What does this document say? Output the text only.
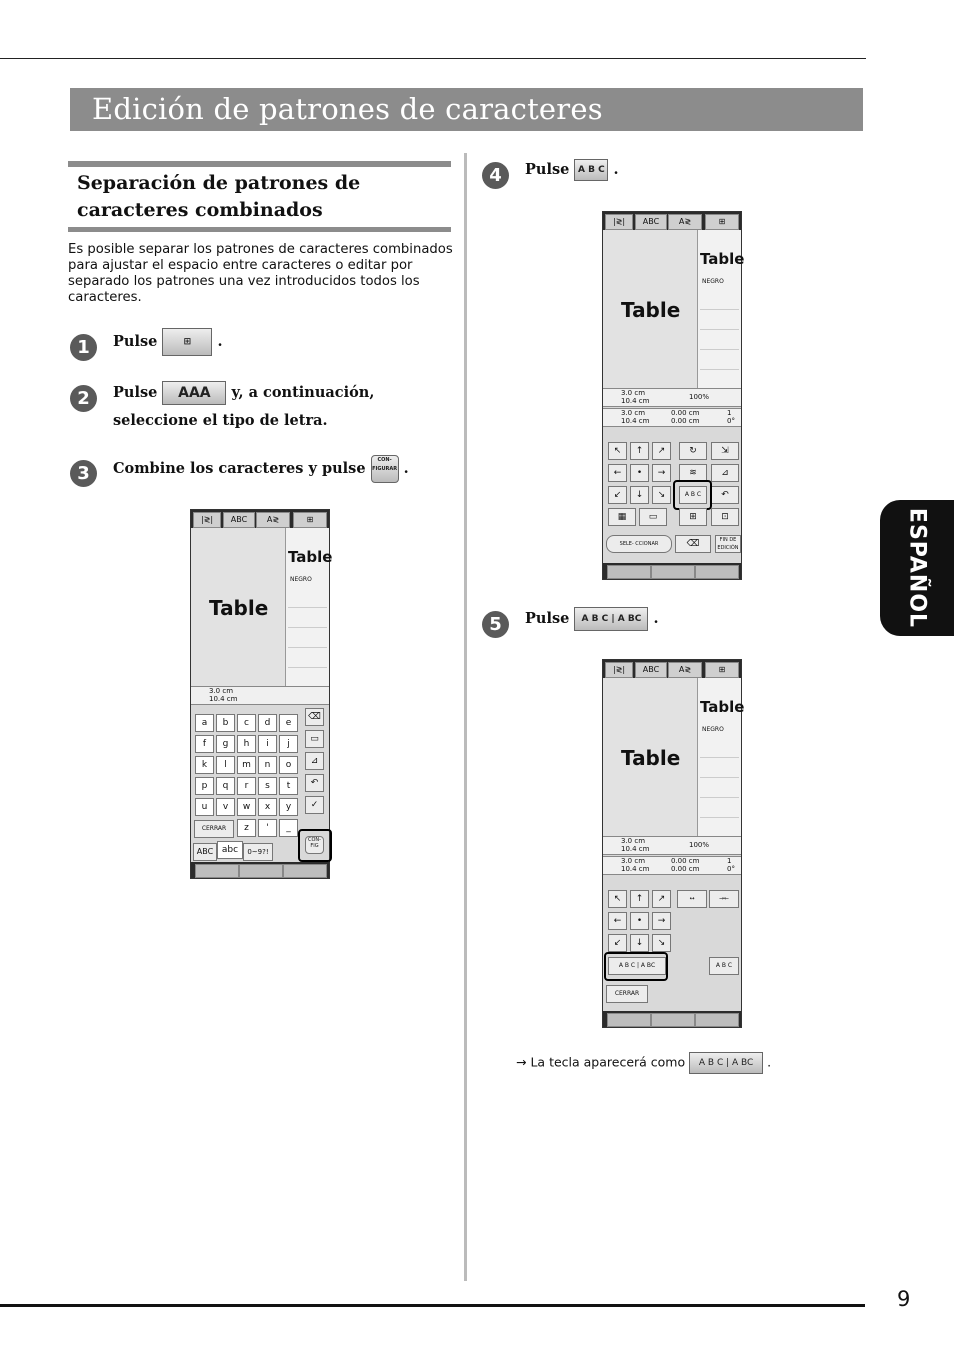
Edición de patrones de caracteres
Separación de patrones de caracteres combinados
Es posible separar los patrones de caracteres combinados para ajustar el espacio entre caracteres o editar por separado los patrones una vez introducidos todos los caracteres.
1	Pulse	⊞ .
2	Pulse AAA y, a continuación, seleccione el tipo de letra.
3	Combine los caracteres y pulse CON-
FIGURAR .
|≷|	ABC	A≷	⊞
Table
Table
NEGRO
3.0 cm
10.4 cm
a	b	c	d	e
f	g	h	i	j
k	l	m	n	o
p	q	r	s	t
u	v	w	x	y
z	'	_
CERRAR
ABC abc	0~9?!
⌫
▭
⊿
↶
✓
CON-
FIG
4	Pulse A B C .
|≷|	ABC	A≷	⊞
Table
Table
NEGRO
3.0 cm
10.4 cm	100%
3.0 cm
10.4 cm
0.00 cm
0.00 cm
1
0°
↖	↑	↗
←	•	→
↙	↓	↘
↻	⇲
≋	⊿
A B C	↶
▦	▭	⊞	⊡
SELE- CCIONAR	⌫	FIN DE EDICIÓN
5	Pulse A B C | A BC .
|≷|	ABC	A≷	⊞
Table
Table
NEGRO
3.0 cm
10.4 cm	100%
3.0 cm
10.4 cm
0.00 cm
0.00 cm
1
0°
↖	↑	↗
←	•	→
↙	↓	↘
↔	→←
A B C | A BC	A B C
CERRAR
→ La tecla aparecerá como A B C | A BC .
ESPAÑOL
9
